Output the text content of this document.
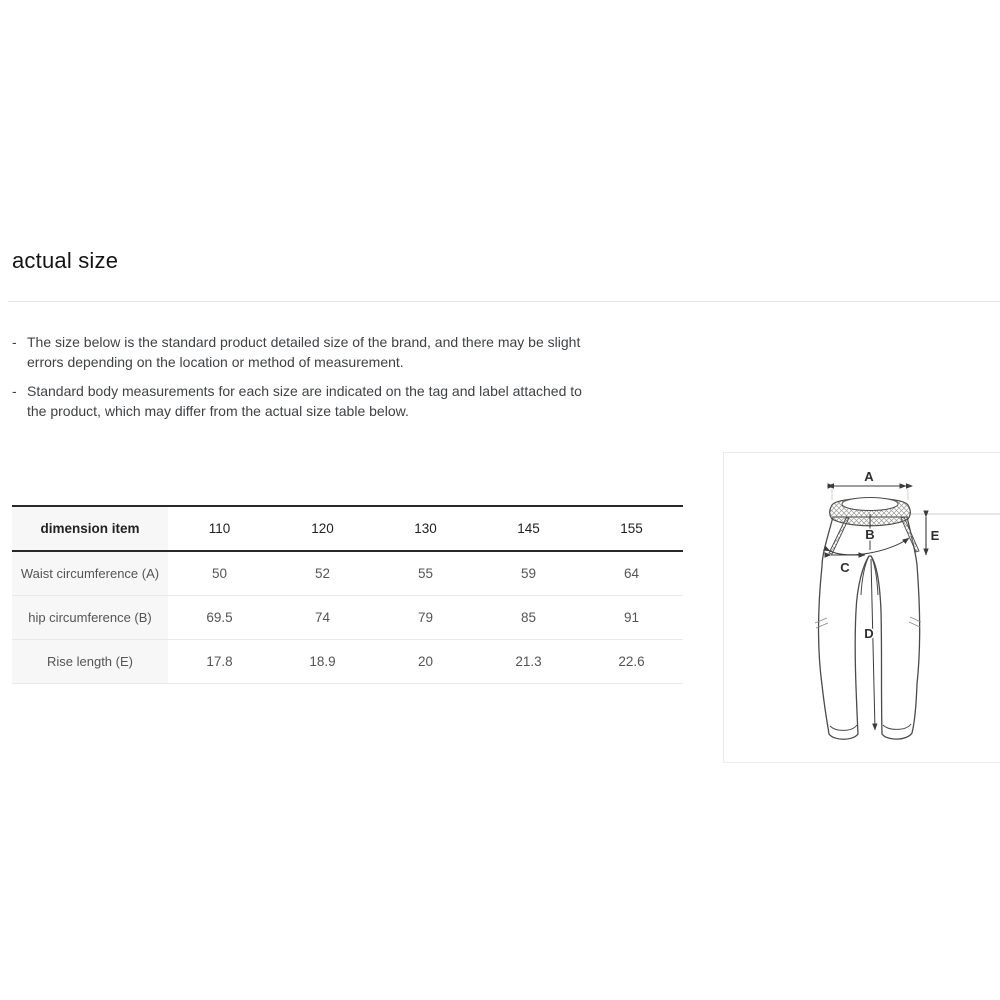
actual size
- The size below is the standard product detailed size of the brand, and there may be slight
errors depending on the location or method of measurement.
- Standard body measurements for each size are indicated on the tag and label attached to
the product, which may differ from the actual size table below.
dimension item	110	120	130	145	155
Waist circumference (A)	50	52	55	59	64
hip circumference (B)	69.5	74	79	85	91
Rise length (E)	17.8	18.9	20	21.3	22.6
A
B
C
D
E
